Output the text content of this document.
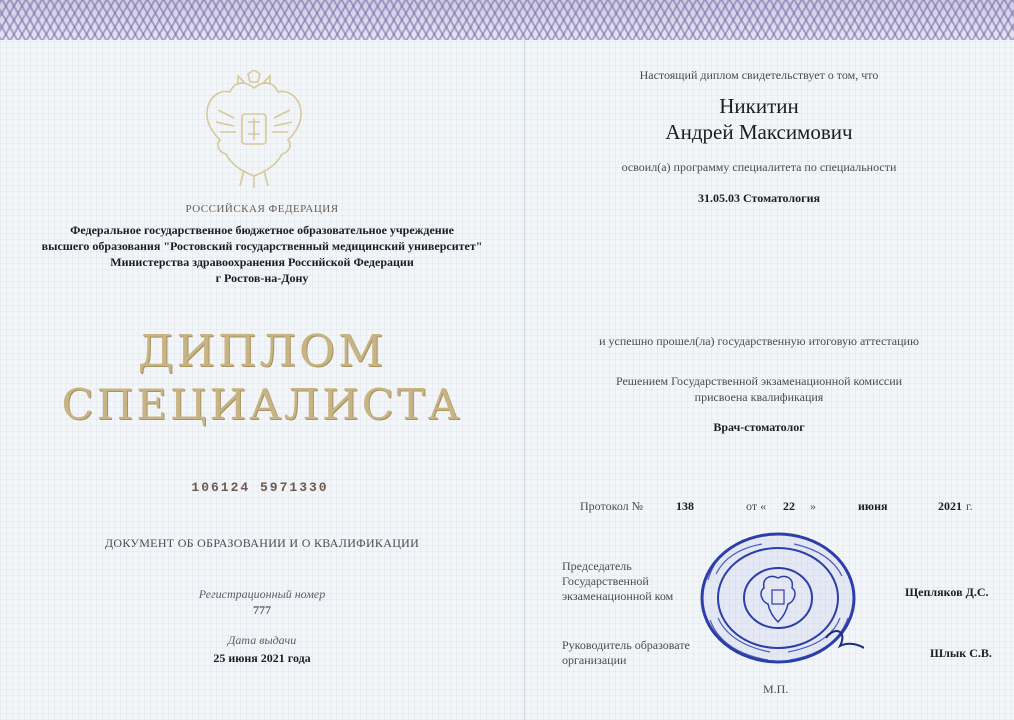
РОССИЙСКАЯ ФЕДЕРАЦИЯ
Федеральное государственное бюджетное образовательное учреждение
высшего образования "Ростовский государственный медицинский университет"
Министерства здравоохранения Российской Федерации
г Ростов-на-Дону
ДИПЛОМ
СПЕЦИАЛИСТА
106124 5971330
ДОКУМЕНТ ОБ ОБРАЗОВАНИИ И О КВАЛИФИКАЦИИ
Регистрационный номер
777
Дата выдачи
25 июня 2021 года
Настоящий диплом свидетельствует о том, что
Никитин
Андрей Максимович
освоил(а) программу специалитета по специальности
31.05.03 Стоматология
и успешно прошел(ла) государственную итоговую аттестацию
Решением Государственной экзаменационной комиссии
присвоена квалификация
Врач-стоматолог
Протокол №	138	от « 22 »	июня	2021 г.
Председатель
Государственной
экзаменационной ком	Щепляков Д.С.
Руководитель образовате
организации	Шлык С.В.
М.П.
